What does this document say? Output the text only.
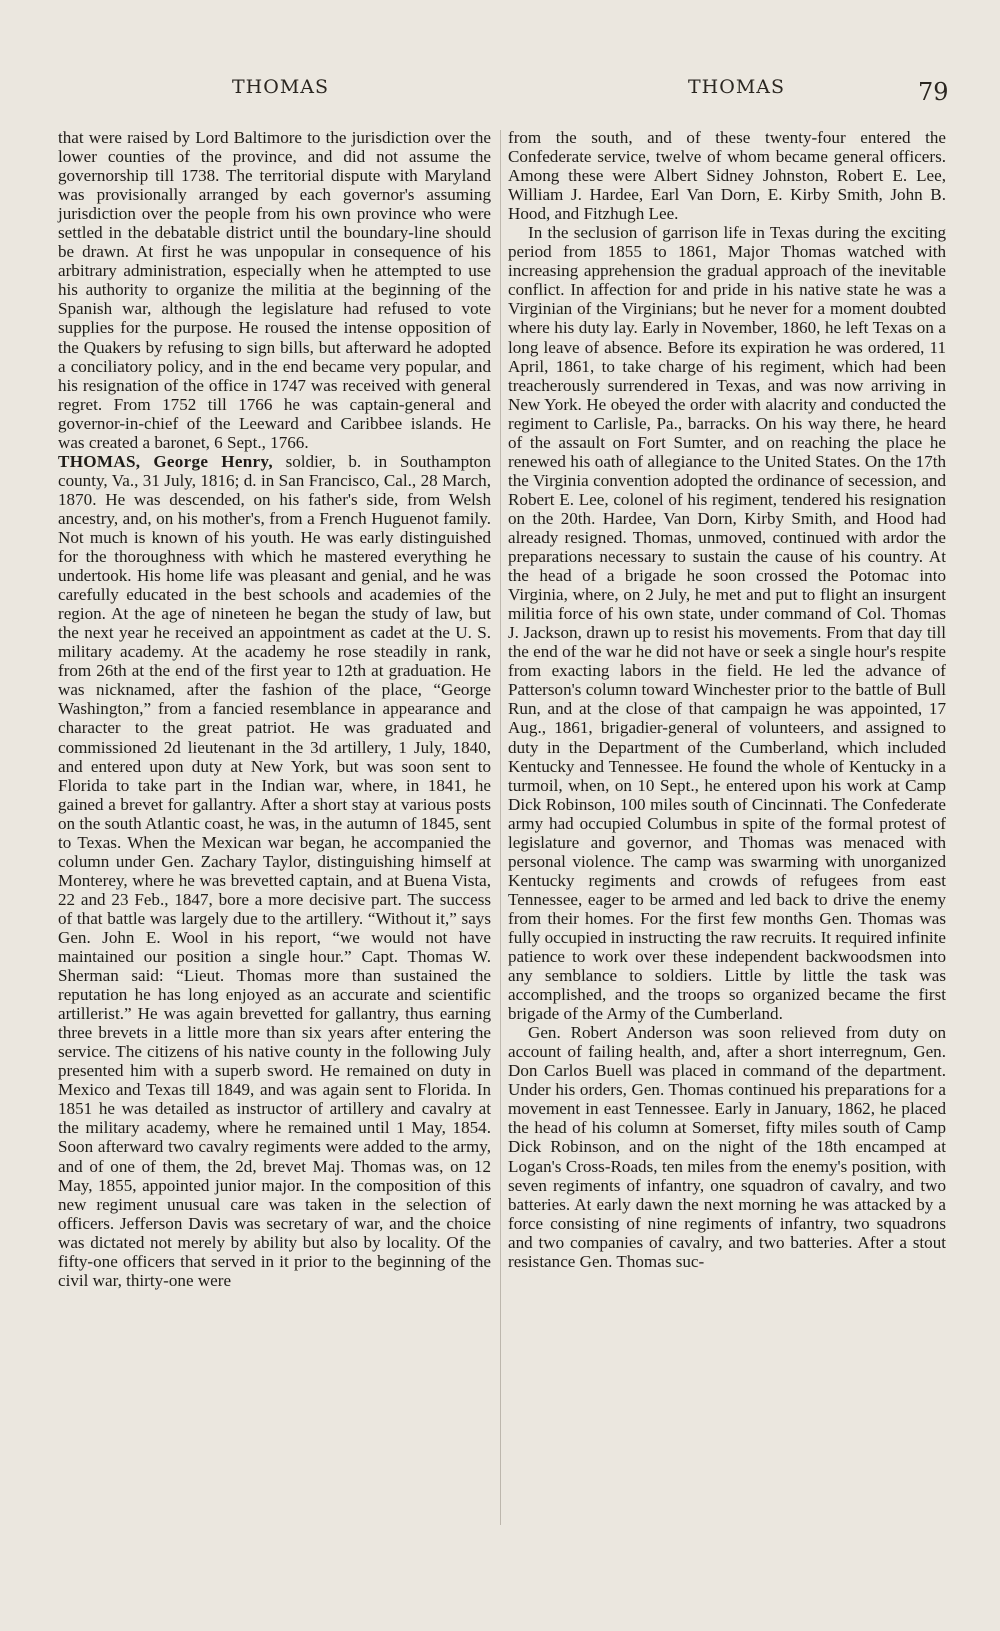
THOMAS	THOMAS	79

that were raised by Lord Baltimore to the jurisdiction over the lower counties of the province, and did not assume the governorship till 1738. The territorial dispute with Maryland was provisionally arranged by each governor's assuming jurisdiction over the people from his own province who were settled in the debatable district until the boundary-line should be drawn. At first he was unpopular in consequence of his arbitrary administration, especially when he attempted to use his authority to organize the militia at the beginning of the Spanish war, although the legislature had refused to vote supplies for the purpose. He roused the intense opposition of the Quakers by refusing to sign bills, but afterward he adopted a conciliatory policy, and in the end became very popular, and his resignation of the office in 1747 was received with general regret. From 1752 till 1766 he was captain-general and governor-in-chief of the Leeward and Caribbee islands. He was created a baronet, 6 Sept., 1766.

THOMAS, George Henry, soldier, b. in Southampton county, Va., 31 July, 1816; d. in San Francisco, Cal., 28 March, 1870. He was descended, on his father's side, from Welsh ancestry, and, on his mother's, from a French Huguenot family. Not much is known of his youth. He was early distinguished for the thoroughness with which he mastered everything he undertook. His home life was pleasant and genial, and he was carefully educated in the best schools and academies of the region. At the age of nineteen he began the study of law, but the next year he received an appointment as cadet at the U. S. military academy. At the academy he rose steadily in rank, from 26th at the end of the first year to 12th at graduation. He was nicknamed, after the fashion of the place, “George Washington,” from a fancied resemblance in appearance and character to the great patriot. He was graduated and commissioned 2d lieutenant in the 3d artillery, 1 July, 1840, and entered upon duty at New York, but was soon sent to Florida to take part in the Indian war, where, in 1841, he gained a brevet for gallantry. After a short stay at various posts on the south Atlantic coast, he was, in the autumn of 1845, sent to Texas. When the Mexican war began, he accompanied the column under Gen. Zachary Taylor, distinguishing himself at Monterey, where he was brevetted captain, and at Buena Vista, 22 and 23 Feb., 1847, bore a more decisive part. The success of that battle was largely due to the artillery. “Without it,” says Gen. John E. Wool in his report, “we would not have maintained our position a single hour.” Capt. Thomas W. Sherman said: “Lieut. Thomas more than sustained the reputation he has long enjoyed as an accurate and scientific artillerist.” He was again brevetted for gallantry, thus earning three brevets in a little more than six years after entering the service. The citizens of his native county in the following July presented him with a superb sword. He remained on duty in Mexico and Texas till 1849, and was again sent to Florida. In 1851 he was detailed as instructor of artillery and cavalry at the military academy, where he remained until 1 May, 1854. Soon afterward two cavalry regiments were added to the army, and of one of them, the 2d, brevet Maj. Thomas was, on 12 May, 1855, appointed junior major. In the composition of this new regiment unusual care was taken in the selection of officers. Jefferson Davis was secretary of war, and the choice was dictated not merely by ability but also by locality. Of the fifty-one officers that served in it prior to the beginning of the civil war, thirty-one were

from the south, and of these twenty-four entered the Confederate service, twelve of whom became general officers. Among these were Albert Sidney Johnston, Robert E. Lee, William J. Hardee, Earl Van Dorn, E. Kirby Smith, John B. Hood, and Fitzhugh Lee.

In the seclusion of garrison life in Texas during the exciting period from 1855 to 1861, Major Thomas watched with increasing apprehension the gradual approach of the inevitable conflict. In affection for and pride in his native state he was a Virginian of the Virginians; but he never for a moment doubted where his duty lay. Early in November, 1860, he left Texas on a long leave of absence. Before its expiration he was ordered, 11 April, 1861, to take charge of his regiment, which had been treacherously surrendered in Texas, and was now arriving in New York. He obeyed the order with alacrity and conducted the regiment to Carlisle, Pa., barracks. On his way there, he heard of the assault on Fort Sumter, and on reaching the place he renewed his oath of allegiance to the United States. On the 17th the Virginia convention adopted the ordinance of secession, and Robert E. Lee, colonel of his regiment, tendered his resignation on the 20th. Hardee, Van Dorn, Kirby Smith, and Hood had already resigned. Thomas, unmoved, continued with ardor the preparations necessary to sustain the cause of his country. At the head of a brigade he soon crossed the Potomac into Virginia, where, on 2 July, he met and put to flight an insurgent militia force of his own state, under command of Col. Thomas J. Jackson, drawn up to resist his movements. From that day till the end of the war he did not have or seek a single hour's respite from exacting labors in the field. He led the advance of Patterson's column toward Winchester prior to the battle of Bull Run, and at the close of that campaign he was appointed, 17 Aug., 1861, brigadier-general of volunteers, and assigned to duty in the Department of the Cumberland, which included Kentucky and Tennessee. He found the whole of Kentucky in a turmoil, when, on 10 Sept., he entered upon his work at Camp Dick Robinson, 100 miles south of Cincinnati. The Confederate army had occupied Columbus in spite of the formal protest of legislature and governor, and Thomas was menaced with personal violence. The camp was swarming with unorganized Kentucky regiments and crowds of refugees from east Tennessee, eager to be armed and led back to drive the enemy from their homes. For the first few months Gen. Thomas was fully occupied in instructing the raw recruits. It required infinite patience to work over these independent backwoodsmen into any semblance to soldiers. Little by little the task was accomplished, and the troops so organized became the first brigade of the Army of the Cumberland.

Gen. Robert Anderson was soon relieved from duty on account of failing health, and, after a short interregnum, Gen. Don Carlos Buell was placed in command of the department. Under his orders, Gen. Thomas continued his preparations for a movement in east Tennessee. Early in January, 1862, he placed the head of his column at Somerset, fifty miles south of Camp Dick Robinson, and on the night of the 18th encamped at Logan's Cross-Roads, ten miles from the enemy's position, with seven regiments of infantry, one squadron of cavalry, and two batteries. At early dawn the next morning he was attacked by a force consisting of nine regiments of infantry, two squadrons and two companies of cavalry, and two batteries. After a stout resistance Gen. Thomas suc-
